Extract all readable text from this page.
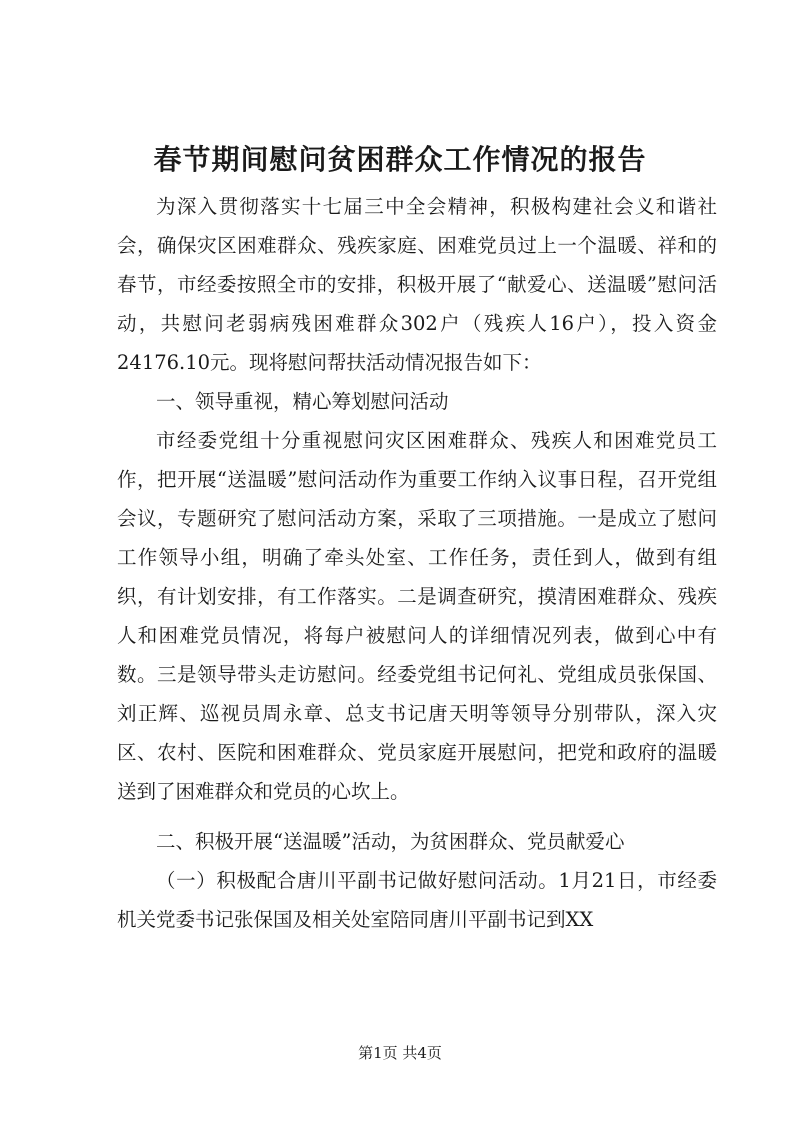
春节期间慰问贫困群众工作情况的报告

为深入贯彻落实十七届三中全会精神，积极构建社会义和谐社会，确保灾区困难群众、残疾家庭、困难党员过上一个温暖、祥和的春节，市经委按照全市的安排，积极开展了“献爱心、送温暖”慰问活动，共慰问老弱病残困难群众302户（残疾人16户），投入资金24176.10元。现将慰问帮扶活动情况报告如下：

一、领导重视，精心筹划慰问活动

市经委党组十分重视慰问灾区困难群众、残疾人和困难党员工作，把开展“送温暖”慰问活动作为重要工作纳入议事日程，召开党组会议，专题研究了慰问活动方案，采取了三项措施。一是成立了慰问工作领导小组，明确了牵头处室、工作任务，责任到人，做到有组织，有计划安排，有工作落实。二是调查研究，摸清困难群众、残疾人和困难党员情况，将每户被慰问人的详细情况列表，做到心中有数。三是领导带头走访慰问。经委党组书记何礼、党组成员张保国、刘正辉、巡视员周永章、总支书记唐天明等领导分别带队，深入灾区、农村、医院和困难群众、党员家庭开展慰问，把党和政府的温暖送到了困难群众和党员的心坎上。

二、积极开展“送温暖”活动，为贫困群众、党员献爱心

（一）积极配合唐川平副书记做好慰问活动。1月21日，市经委机关党委书记张保国及相关处室陪同唐川平副书记到XX

第1页 共4页
